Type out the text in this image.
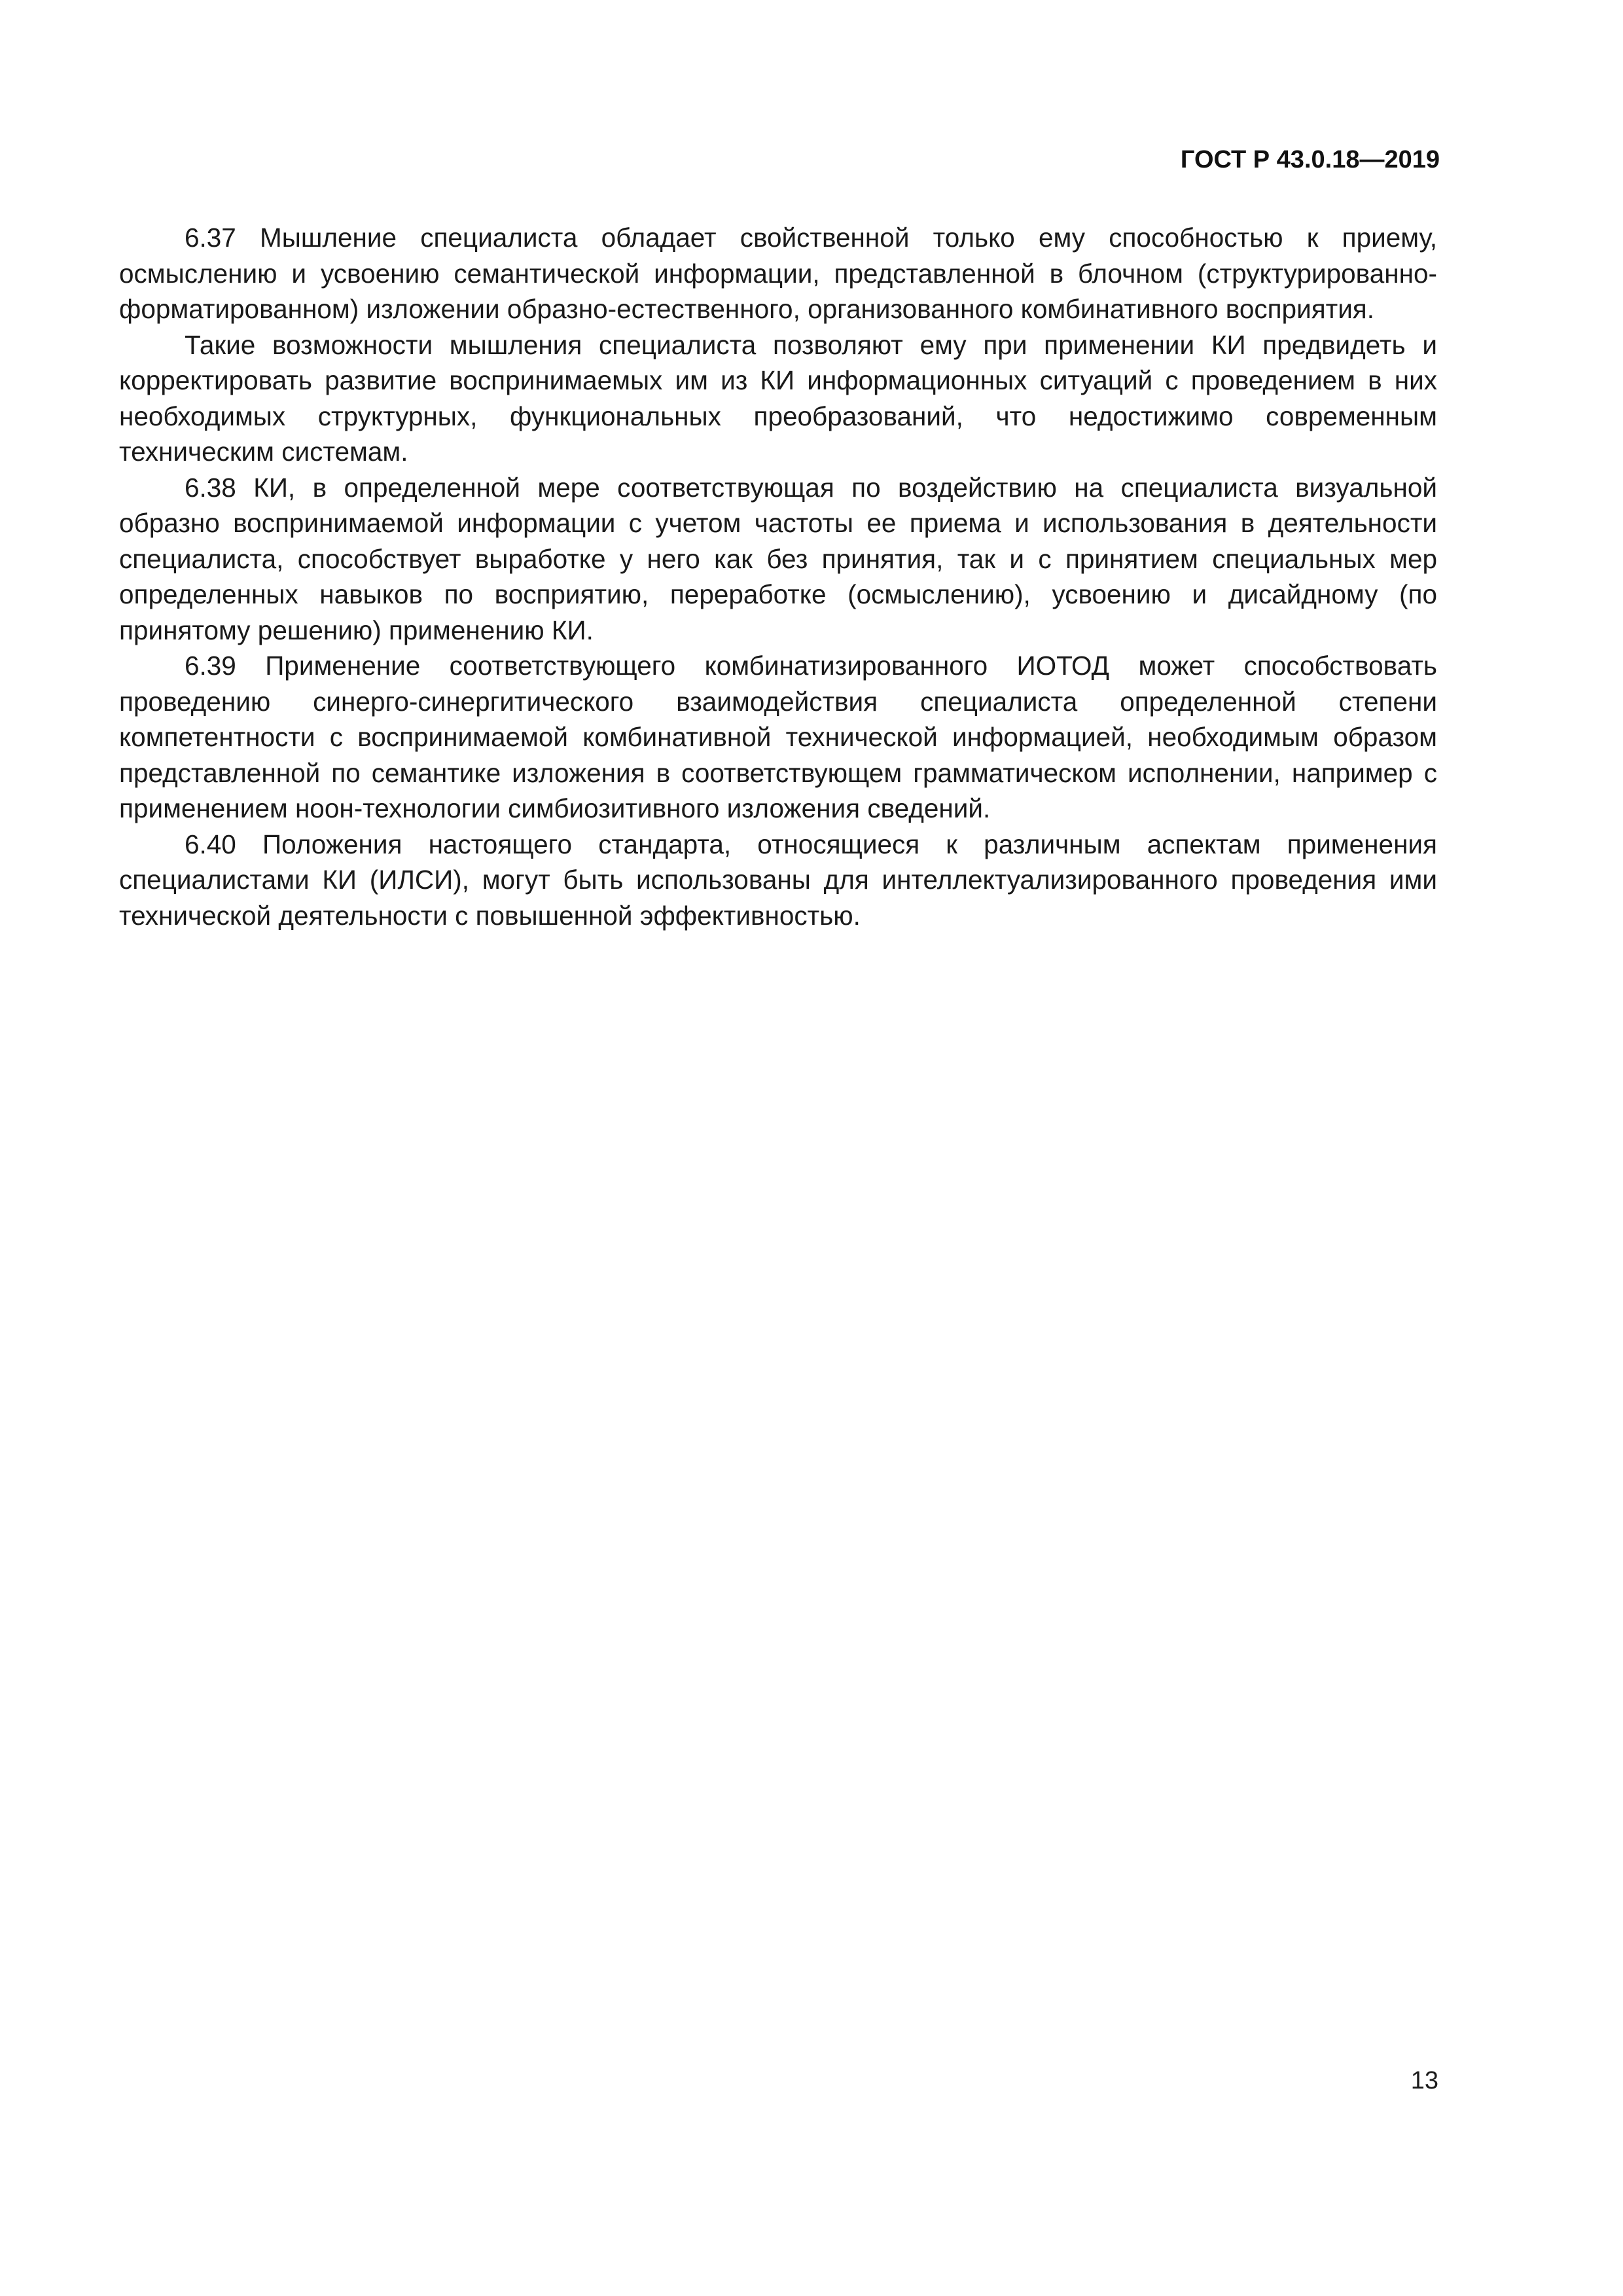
ГОСТ Р 43.0.18—2019

6.37 Мышление специалиста обладает свойственной только ему способностью к приему, осмыслению и усвоению семантической информации, представленной в блочном (структурированно-форматированном) изложении образно-естественного, организованного комбинативного восприятия.

Такие возможности мышления специалиста позволяют ему при применении КИ предвидеть и корректировать развитие воспринимаемых им из КИ информационных ситуаций с проведением в них необходимых структурных, функциональных преобразований, что недостижимо современным техническим системам.

6.38 КИ, в определенной мере соответствующая по воздействию на специалиста визуальной образно воспринимаемой информации с учетом частоты ее приема и использования в деятельности специалиста, способствует выработке у него как без принятия, так и с принятием специальных мер определенных навыков по восприятию, переработке (осмыслению), усвоению и дисайдному (по принятому решению) применению КИ.

6.39 Применение соответствующего комбинатизированного ИОТОД может способствовать проведению синерго-синергитического взаимодействия специалиста определенной степени компетентности с воспринимаемой комбинативной технической информацией, необходимым образом представленной по семантике изложения в соответствующем грамматическом исполнении, например с применением ноон-технологии симбиозитивного изложения сведений.

6.40 Положения настоящего стандарта, относящиеся к различным аспектам применения специалистами КИ (ИЛСИ), могут быть использованы для интеллектуализированного проведения ими технической деятельности с повышенной эффективностью.

13
